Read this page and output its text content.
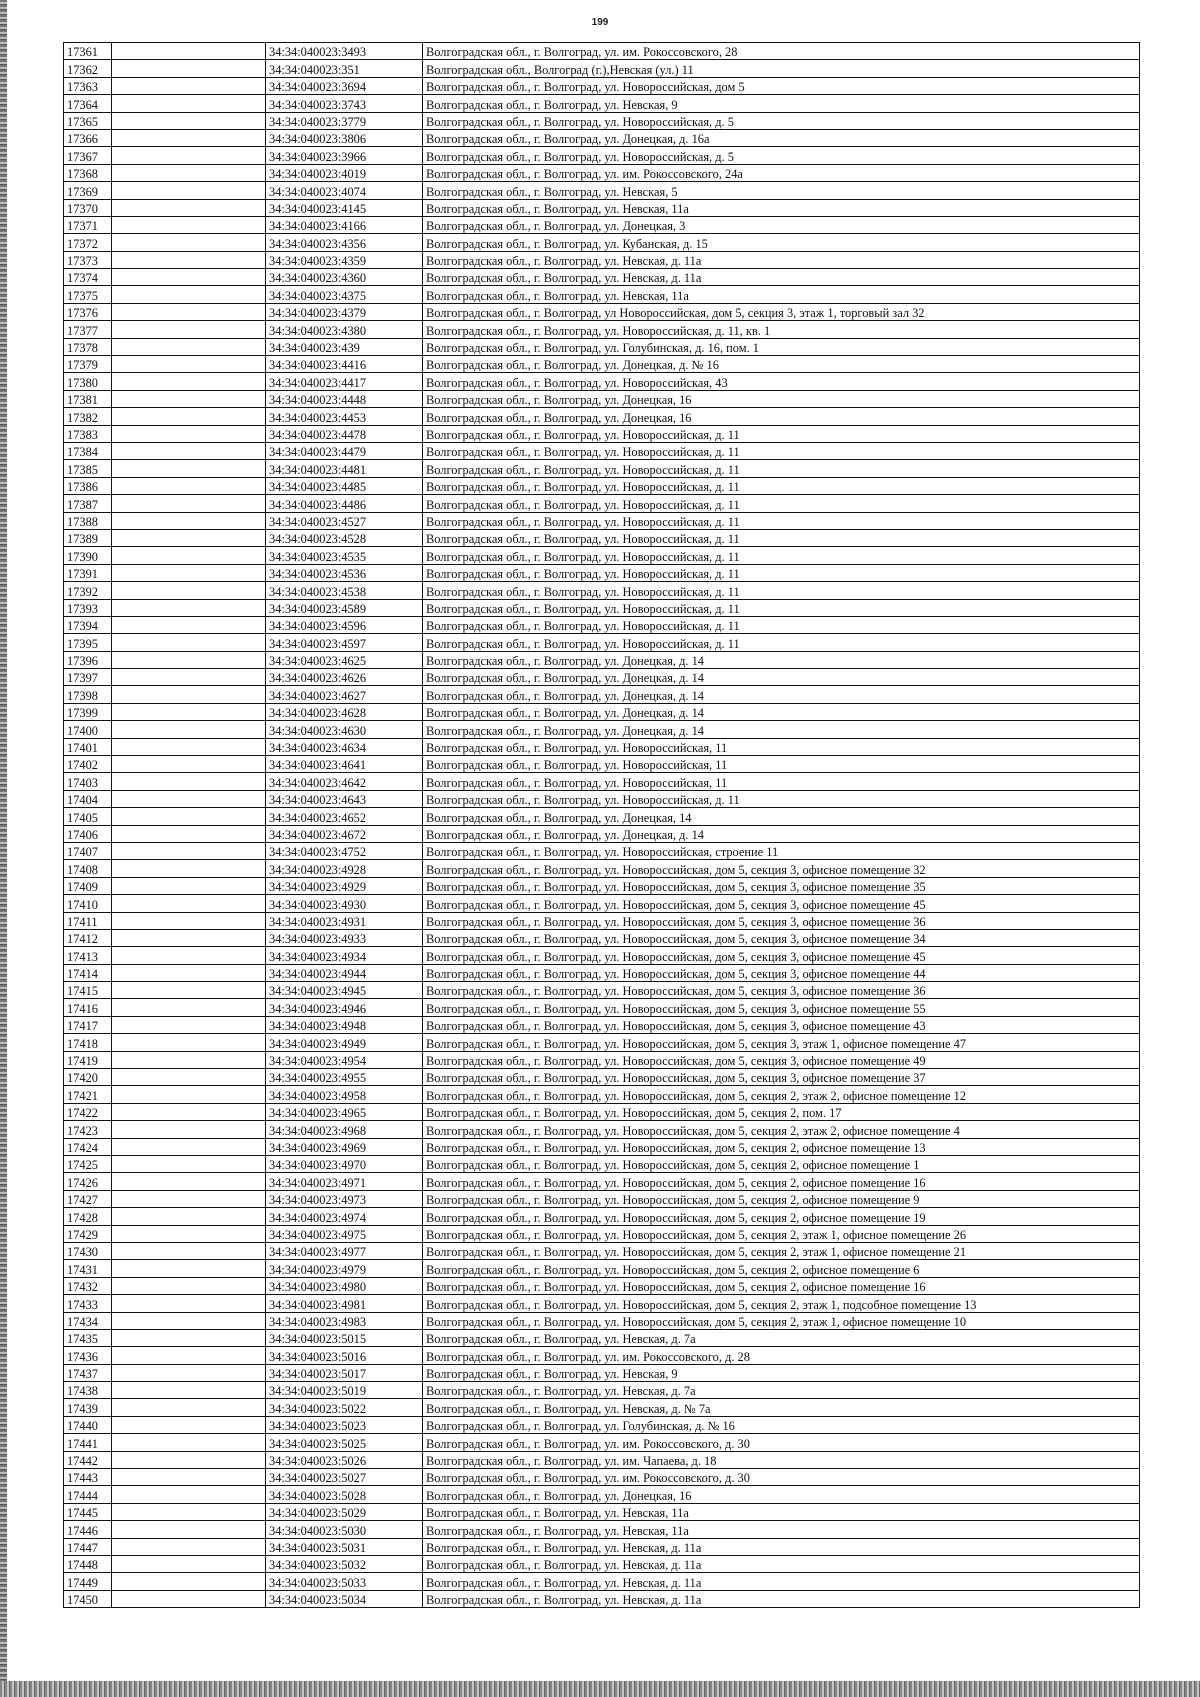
199
17361		34:34:040023:3493	Волгоградская обл., г. Волгоград, ул. им. Рокоссовского, 28
17362		34:34:040023:351	Волгоградская обл., Волгоград (г.),Невская (ул.) 11
17363		34:34:040023:3694	Волгоградская обл., г. Волгоград, ул. Новороссийская, дом 5
17364		34:34:040023:3743	Волгоградская обл., г. Волгоград, ул. Невская, 9
17365		34:34:040023:3779	Волгоградская обл., г. Волгоград, ул. Новороссийская, д. 5
17366		34:34:040023:3806	Волгоградская обл., г. Волгоград, ул. Донецкая, д. 16а
17367		34:34:040023:3966	Волгоградская обл., г. Волгоград, ул. Новороссийская, д. 5
17368		34:34:040023:4019	Волгоградская обл., г. Волгоград, ул. им. Рокоссовского, 24а
17369		34:34:040023:4074	Волгоградская обл., г. Волгоград, ул. Невская, 5
17370		34:34:040023:4145	Волгоградская обл., г. Волгоград, ул. Невская, 11а
17371		34:34:040023:4166	Волгоградская обл., г. Волгоград, ул. Донецкая, 3
17372		34:34:040023:4356	Волгоградская обл., г. Волгоград, ул. Кубанская, д. 15
17373		34:34:040023:4359	Волгоградская обл., г. Волгоград, ул. Невская, д. 11а
17374		34:34:040023:4360	Волгоградская обл., г. Волгоград, ул. Невская, д. 11а
17375		34:34:040023:4375	Волгоградская обл., г. Волгоград, ул. Невская, 11а
17376		34:34:040023:4379	Волгоградская обл., г. Волгоград, ул Новороссийская, дом 5, секция 3, этаж 1, торговый зал 32
17377		34:34:040023:4380	Волгоградская обл., г. Волгоград, ул. Новороссийская, д. 11, кв. 1
17378		34:34:040023:439	Волгоградская обл., г. Волгоград, ул. Голубинская, д. 16, пом. 1
17379		34:34:040023:4416	Волгоградская обл., г. Волгоград, ул. Донецкая, д. № 16
17380		34:34:040023:4417	Волгоградская обл., г. Волгоград, ул. Новороссийская, 43
17381		34:34:040023:4448	Волгоградская обл., г. Волгоград, ул. Донецкая, 16
17382		34:34:040023:4453	Волгоградская обл., г. Волгоград, ул. Донецкая, 16
17383		34:34:040023:4478	Волгоградская обл., г. Волгоград, ул. Новороссийская, д. 11
17384		34:34:040023:4479	Волгоградская обл., г. Волгоград, ул. Новороссийская, д. 11
17385		34:34:040023:4481	Волгоградская обл., г. Волгоград, ул. Новороссийская, д. 11
17386		34:34:040023:4485	Волгоградская обл., г. Волгоград, ул. Новороссийская, д. 11
17387		34:34:040023:4486	Волгоградская обл., г. Волгоград, ул. Новороссийская, д. 11
17388		34:34:040023:4527	Волгоградская обл., г. Волгоград, ул. Новороссийская, д. 11
17389		34:34:040023:4528	Волгоградская обл., г. Волгоград, ул. Новороссийская, д. 11
17390		34:34:040023:4535	Волгоградская обл., г. Волгоград, ул. Новороссийская, д. 11
17391		34:34:040023:4536	Волгоградская обл., г. Волгоград, ул. Новороссийская, д. 11
17392		34:34:040023:4538	Волгоградская обл., г. Волгоград, ул. Новороссийская, д. 11
17393		34:34:040023:4589	Волгоградская обл., г. Волгоград, ул. Новороссийская, д. 11
17394		34:34:040023:4596	Волгоградская обл., г. Волгоград, ул. Новороссийская, д. 11
17395		34:34:040023:4597	Волгоградская обл., г. Волгоград, ул. Новороссийская, д. 11
17396		34:34:040023:4625	Волгоградская обл., г. Волгоград, ул. Донецкая, д. 14
17397		34:34:040023:4626	Волгоградская обл., г. Волгоград, ул. Донецкая, д. 14
17398		34:34:040023:4627	Волгоградская обл., г. Волгоград, ул. Донецкая, д. 14
17399		34:34:040023:4628	Волгоградская обл., г. Волгоград, ул. Донецкая, д. 14
17400		34:34:040023:4630	Волгоградская обл., г. Волгоград, ул. Донецкая, д. 14
17401		34:34:040023:4634	Волгоградская обл., г. Волгоград, ул. Новороссийская, 11
17402		34:34:040023:4641	Волгоградская обл., г. Волгоград, ул. Новороссийская, 11
17403		34:34:040023:4642	Волгоградская обл., г. Волгоград, ул. Новороссийская, 11
17404		34:34:040023:4643	Волгоградская обл., г. Волгоград, ул. Новороссийская, д. 11
17405		34:34:040023:4652	Волгоградская обл., г. Волгоград, ул. Донецкая, 14
17406		34:34:040023:4672	Волгоградская обл., г. Волгоград, ул. Донецкая, д. 14
17407		34:34:040023:4752	Волгоградская обл., г. Волгоград, ул. Новороссийская, строение 11
17408		34:34:040023:4928	Волгоградская обл., г. Волгоград, ул. Новороссийская, дом 5, секция 3, офисное помещение 32
17409		34:34:040023:4929	Волгоградская обл., г. Волгоград, ул. Новороссийская, дом 5, секция 3, офисное помещение 35
17410		34:34:040023:4930	Волгоградская обл., г. Волгоград, ул. Новороссийская, дом 5, секция 3, офисное помещение 45
17411		34:34:040023:4931	Волгоградская обл., г. Волгоград, ул. Новороссийская, дом 5, секция 3, офисное помещение 36
17412		34:34:040023:4933	Волгоградская обл., г. Волгоград, ул. Новороссийская, дом 5, секция 3, офисное помещение 34
17413		34:34:040023:4934	Волгоградская обл., г. Волгоград, ул. Новороссийская, дом 5, секция 3, офисное помещение 45
17414		34:34:040023:4944	Волгоградская обл., г. Волгоград, ул. Новороссийская, дом 5, секция 3, офисное помещение 44
17415		34:34:040023:4945	Волгоградская обл., г. Волгоград, ул. Новороссийская, дом 5, секция 3, офисное помещение 36
17416		34:34:040023:4946	Волгоградская обл., г. Волгоград, ул. Новороссийская, дом 5, секция 3, офисное помещение 55
17417		34:34:040023:4948	Волгоградская обл., г. Волгоград, ул. Новороссийская, дом 5, секция 3, офисное помещение 43
17418		34:34:040023:4949	Волгоградская обл., г. Волгоград, ул. Новороссийская, дом 5, секция 3, этаж 1, офисное помещение 47
17419		34:34:040023:4954	Волгоградская обл., г. Волгоград, ул. Новороссийская, дом 5, секция 3, офисное помещение 49
17420		34:34:040023:4955	Волгоградская обл., г. Волгоград, ул. Новороссийская, дом 5, секция 3, офисное помещение 37
17421		34:34:040023:4958	Волгоградская обл., г. Волгоград, ул. Новороссийская, дом 5, секция 2, этаж 2, офисное помещение 12
17422		34:34:040023:4965	Волгоградская обл., г. Волгоград, ул. Новороссийская, дом 5, секция 2, пом. 17
17423		34:34:040023:4968	Волгоградская обл., г. Волгоград, ул. Новороссийская, дом 5, секция 2, этаж 2, офисное помещение 4
17424		34:34:040023:4969	Волгоградская обл., г. Волгоград, ул. Новороссийская, дом 5, секция 2, офисное помещение 13
17425		34:34:040023:4970	Волгоградская обл., г. Волгоград, ул. Новороссийская, дом 5, секция 2, офисное помещение 1
17426		34:34:040023:4971	Волгоградская обл., г. Волгоград, ул. Новороссийская, дом 5, секция 2, офисное помещение 16
17427		34:34:040023:4973	Волгоградская обл., г. Волгоград, ул. Новороссийская, дом 5, секция 2, офисное помещение 9
17428		34:34:040023:4974	Волгоградская обл., г. Волгоград, ул. Новороссийская, дом 5, секция 2, офисное помещение 19
17429		34:34:040023:4975	Волгоградская обл., г. Волгоград, ул. Новороссийская, дом 5, секция 2, этаж 1, офисное помещение 26
17430		34:34:040023:4977	Волгоградская обл., г. Волгоград, ул. Новороссийская, дом 5, секция 2, этаж 1, офисное помещение 21
17431		34:34:040023:4979	Волгоградская обл., г. Волгоград, ул. Новороссийская, дом 5, секция 2, офисное помещение 6
17432		34:34:040023:4980	Волгоградская обл., г. Волгоград, ул. Новороссийская, дом 5, секция 2, офисное помещение 16
17433		34:34:040023:4981	Волгоградская обл., г. Волгоград, ул. Новороссийская, дом 5, секция 2, этаж 1, подсобное помещение 13
17434		34:34:040023:4983	Волгоградская обл., г. Волгоград, ул. Новороссийская, дом 5, секция 2, этаж 1, офисное помещение 10
17435		34:34:040023:5015	Волгоградская обл., г. Волгоград, ул. Невская, д. 7а
17436		34:34:040023:5016	Волгоградская обл., г. Волгоград, ул. им. Рокоссовского, д. 28
17437		34:34:040023:5017	Волгоградская обл., г. Волгоград, ул. Невская, 9
17438		34:34:040023:5019	Волгоградская обл., г. Волгоград, ул. Невская, д. 7а
17439		34:34:040023:5022	Волгоградская обл., г. Волгоград, ул. Невская, д. № 7а
17440		34:34:040023:5023	Волгоградская обл., г. Волгоград, ул. Голубинская, д. № 16
17441		34:34:040023:5025	Волгоградская обл., г. Волгоград, ул. им. Рокоссовского, д. 30
17442		34:34:040023:5026	Волгоградская обл., г. Волгоград, ул. им. Чапаева, д. 18
17443		34:34:040023:5027	Волгоградская обл., г. Волгоград, ул. им. Рокоссовского, д. 30
17444		34:34:040023:5028	Волгоградская обл., г. Волгоград, ул. Донецкая, 16
17445		34:34:040023:5029	Волгоградская обл., г. Волгоград, ул. Невская, 11а
17446		34:34:040023:5030	Волгоградская обл., г. Волгоград, ул. Невская, 11а
17447		34:34:040023:5031	Волгоградская обл., г. Волгоград, ул. Невская, д. 11а
17448		34:34:040023:5032	Волгоградская обл., г. Волгоград, ул. Невская, д. 11а
17449		34:34:040023:5033	Волгоградская обл., г. Волгоград, ул. Невская, д. 11а
17450		34:34:040023:5034	Волгоградская обл., г. Волгоград, ул. Невская, д. 11а
